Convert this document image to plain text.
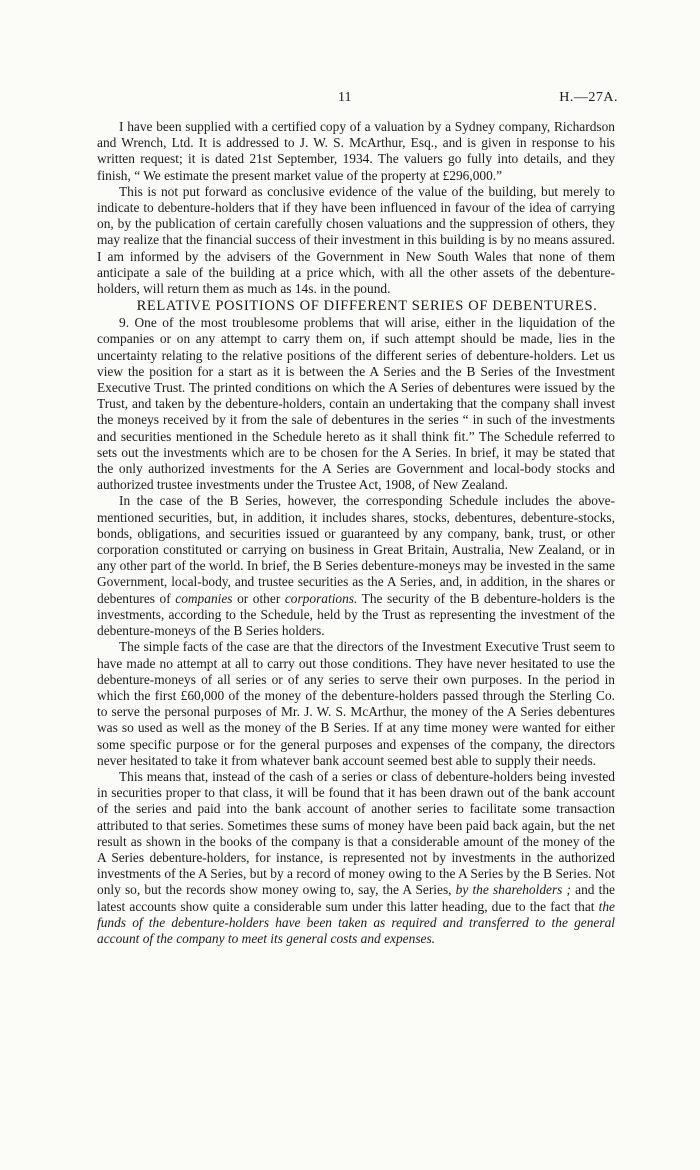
11	H.—27A.

I have been supplied with a certified copy of a valuation by a Sydney company, Richardson and Wrench, Ltd. It is addressed to J. W. S. McArthur, Esq., and is given in response to his written request; it is dated 21st September, 1934. The valuers go fully into details, and they finish, “ We estimate the present market value of the property at £296,000.”

This is not put forward as conclusive evidence of the value of the building, but merely to indicate to debenture-holders that if they have been influenced in favour of the idea of carrying on, by the publication of certain carefully chosen valuations and the suppression of others, they may realize that the financial success of their investment in this building is by no means assured. I am informed by the advisers of the Government in New South Wales that none of them anticipate a sale of the building at a price which, with all the other assets of the debenture-holders, will return them as much as 14s. in the pound.

RELATIVE POSITIONS OF DIFFERENT SERIES OF DEBENTURES.

9. One of the most troublesome problems that will arise, either in the liquidation of the companies or on any attempt to carry them on, if such attempt should be made, lies in the uncertainty relating to the relative positions of the different series of debenture-holders. Let us view the position for a start as it is between the A Series and the B Series of the Investment Executive Trust. The printed conditions on which the A Series of debentures were issued by the Trust, and taken by the debenture-holders, contain an undertaking that the company shall invest the moneys received by it from the sale of debentures in the series “ in such of the investments and securities mentioned in the Schedule hereto as it shall think fit.” The Schedule referred to sets out the investments which are to be chosen for the A Series. In brief, it may be stated that the only authorized investments for the A Series are Government and local-body stocks and authorized trustee investments under the Trustee Act, 1908, of New Zealand.

In the case of the B Series, however, the corresponding Schedule includes the above-mentioned securities, but, in addition, it includes shares, stocks, debentures, debenture-stocks, bonds, obligations, and securities issued or guaranteed by any company, bank, trust, or other corporation constituted or carrying on business in Great Britain, Australia, New Zealand, or in any other part of the world. In brief, the B Series debenture-moneys may be invested in the same Government, local-body, and trustee securities as the A Series, and, in addition, in the shares or debentures of companies or other corporations. The security of the B debenture-holders is the investments, according to the Schedule, held by the Trust as representing the investment of the debenture-moneys of the B Series holders.

The simple facts of the case are that the directors of the Investment Executive Trust seem to have made no attempt at all to carry out those conditions. They have never hesitated to use the debenture-moneys of all series or of any series to serve their own purposes. In the period in which the first £60,000 of the money of the debenture-holders passed through the Sterling Co. to serve the personal purposes of Mr. J. W. S. McArthur, the money of the A Series debentures was so used as well as the money of the B Series. If at any time money were wanted for either some specific purpose or for the general purposes and expenses of the company, the directors never hesitated to take it from whatever bank account seemed best able to supply their needs.

This means that, instead of the cash of a series or class of debenture-holders being invested in securities proper to that class, it will be found that it has been drawn out of the bank account of the series and paid into the bank account of another series to facilitate some transaction attributed to that series. Sometimes these sums of money have been paid back again, but the net result as shown in the books of the company is that a considerable amount of the money of the A Series debenture-holders, for instance, is represented not by investments in the authorized investments of the A Series, but by a record of money owing to the A Series by the B Series. Not only so, but the records show money owing to, say, the A Series, by the shareholders ; and the latest accounts show quite a considerable sum under this latter heading, due to the fact that the funds of the debenture-holders have been taken as required and transferred to the general account of the company to meet its general costs and expenses.
